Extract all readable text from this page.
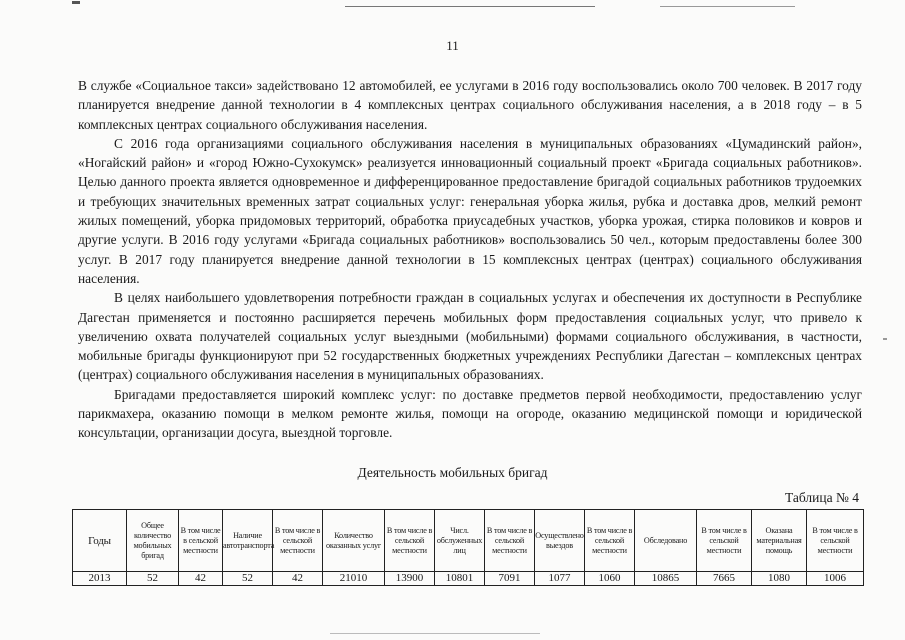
11

В службе «Социальное такси» задействовано 12 автомобилей, ее услугами в 2016 году воспользовались около 700 человек. В 2017 году планируется внедрение данной технологии в 4 комплексных центрах социального обслуживания населения, а в 2018 году – в 5 комплексных центрах социального обслуживания населения.

С 2016 года организациями социального обслуживания населения в муниципальных образованиях «Цумадинский район», «Ногайский район» и «город Южно-Сухокумск» реализуется инновационный социальный проект «Бригада социальных работников». Целью данного проекта является одновременное и дифференцированное предоставление бригадой социальных работников трудоемких и требующих значительных временных затрат социальных услуг: генеральная уборка жилья, рубка и доставка дров, мелкий ремонт жилых помещений, уборка придомовых территорий, обработка приусадебных участков, уборка урожая, стирка половиков и ковров и другие услуги. В 2016 году услугами «Бригада социальных работников» воспользовались 50 чел., которым предоставлены более 300 услуг. В 2017 году планируется внедрение данной технологии в 15 комплексных центрах (центрах) социального обслуживания населения.

В целях наибольшего удовлетворения потребности граждан в социальных услугах и обеспечения их доступности в Республике Дагестан применяется и постоянно расширяется перечень мобильных форм предоставления социальных услуг, что привело к увеличению охвата получателей социальных услуг выездными (мобильными) формами социального обслуживания, в частности, мобильные бригады функционируют при 52 государственных бюджетных учреждениях Республики Дагестан – комплексных центрах (центрах) социального обслуживания населения в муниципальных образованиях.

Бригадами предоставляется широкий комплекс услуг: по доставке предметов первой необходимости, предоставлению услуг парикмахера, оказанию помощи в мелком ремонте жилья, помощи на огороде, оказанию медицинской помощи и юридической консультации, организации досуга, выездной торговле.

Деятельность мобильных бригад
Таблица № 4
Годы	Общее количество мобильных бригад	В том числе в сельской местности	Наличие автотранспорта	В том числе в сельской местности	Количество оказанных услуг	В том числе в сельской местности	Числ. обслуженных лиц	В том числе в сельской местности	Осуществлено выездов	В том числе в сельской местности	Обследовано	В том числе в сельской местности	Оказана материальная помощь	В том числе в сельской местности
2013	52	42	52	42	21010	13900	10801	7091	1077	1060	10865	7665	1080	1006
